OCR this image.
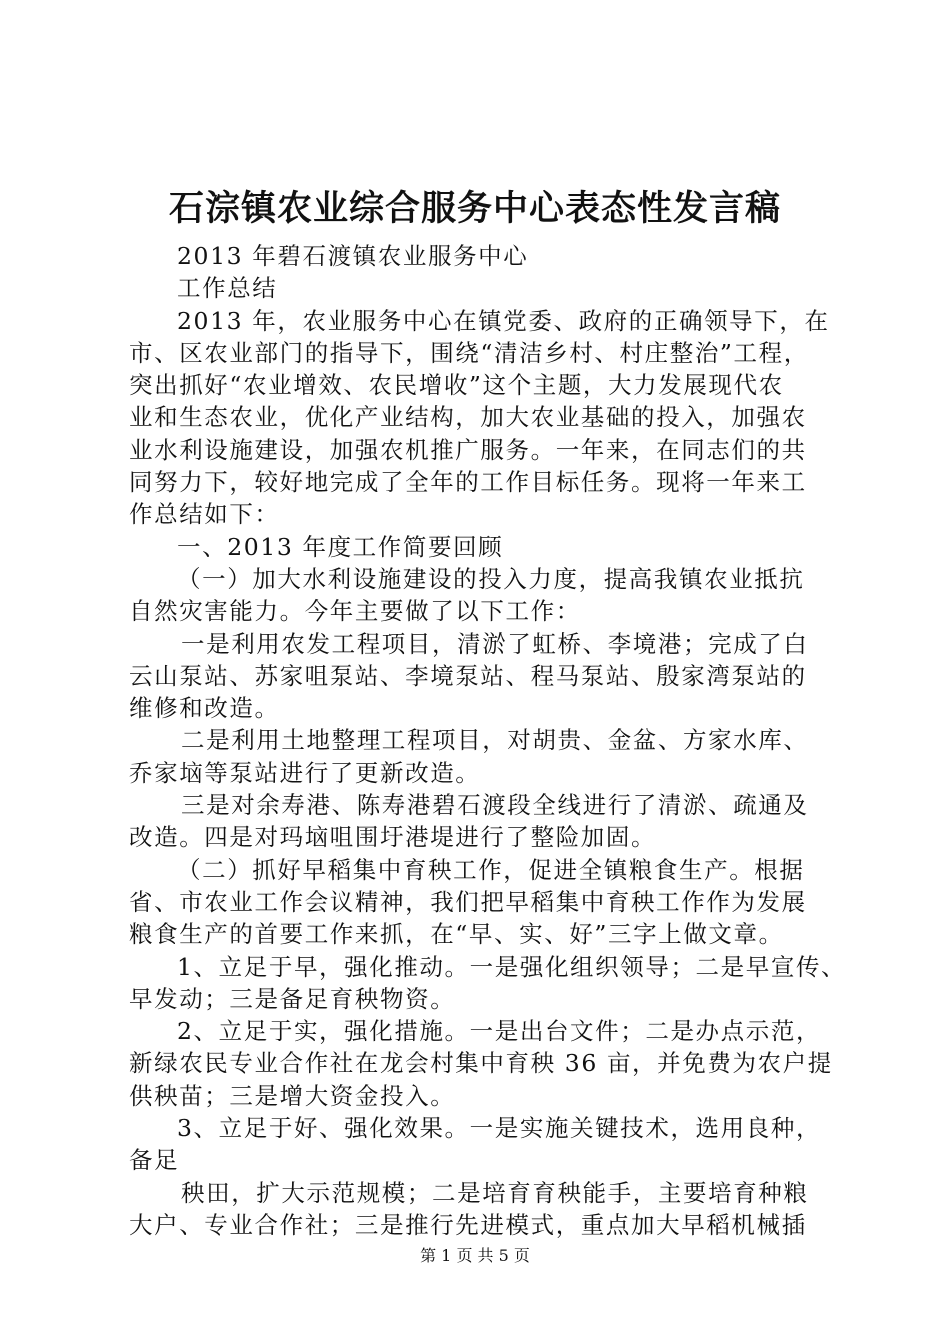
石淙镇农业综合服务中心表态性发言稿
2013 年碧石渡镇农业服务中心
工作总结
2013 年，农业服务中心在镇党委、政府的正确领导下，在
市、区农业部门的指导下，围绕“清洁乡村、村庄整治”工程，
突出抓好“农业增效、农民增收”这个主题，大力发展现代农
业和生态农业，优化产业结构，加大农业基础的投入，加强农
业水利设施建设，加强农机推广服务。一年来，在同志们的共
同努力下，较好地完成了全年的工作目标任务。现将一年来工
作总结如下：
一、2013 年度工作简要回顾
（一）加大水利设施建设的投入力度，提高我镇农业抵抗
自然灾害能力。今年主要做了以下工作：
一是利用农发工程项目，清淤了虹桥、李境港；完成了白
云山泵站、苏家咀泵站、李境泵站、程马泵站、殷家湾泵站的
维修和改造。
二是利用土地整理工程项目，对胡贵、金盆、方家水库、
乔家垴等泵站进行了更新改造。
三是对余寿港、陈寿港碧石渡段全线进行了清淤、疏通及
改造。四是对玛垴咀围圩港堤进行了整险加固。
（二）抓好早稻集中育秧工作，促进全镇粮食生产。根据
省、市农业工作会议精神，我们把早稻集中育秧工作作为发展
粮食生产的首要工作来抓，在“早、实、好”三字上做文章。
1、立足于早，强化推动。一是强化组织领导；二是早宣传、
早发动；三是备足育秧物资。
2、立足于实，强化措施。一是出台文件；二是办点示范，
新绿农民专业合作社在龙会村集中育秧 36 亩，并免费为农户提
供秧苗；三是增大资金投入。
3、立足于好、强化效果。一是实施关键技术，选用良种，
备足
秧田，扩大示范规模；二是培育育秧能手，主要培育种粮
大户、专业合作社；三是推行先进模式，重点加大早稻机械插
第 1 页 共 5 页
